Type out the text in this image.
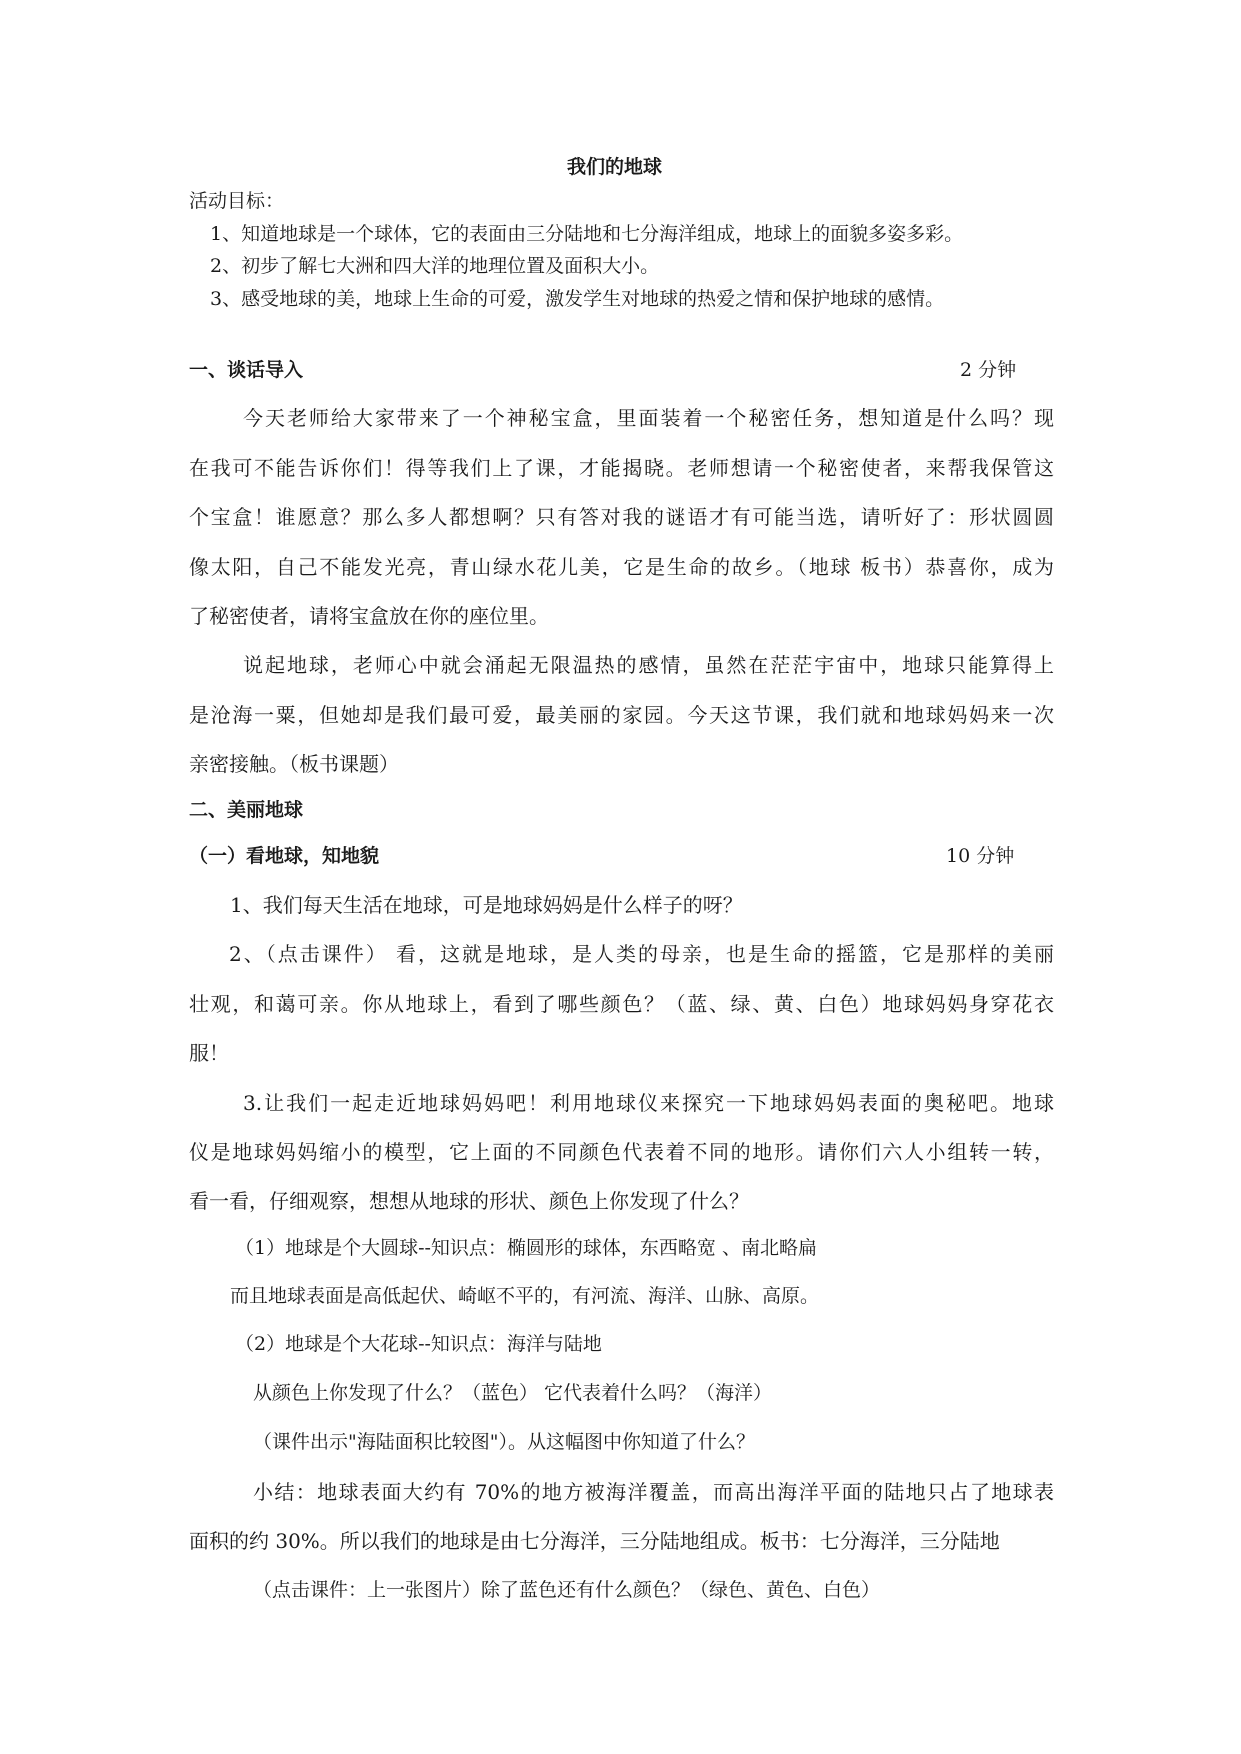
我们的地球
活动目标：
1、知道地球是一个球体，它的表面由三分陆地和七分海洋组成，地球上的面貌多姿多彩。
2、初步了解七大洲和四大洋的地理位置及面积大小。
3、感受地球的美，地球上生命的可爱，激发学生对地球的热爱之情和保护地球的感情。
一、谈话导入	2 分钟
今天老师给大家带来了一个神秘宝盒，里面装着一个秘密任务，想知道是什么吗？现
在我可不能告诉你们！得等我们上了课，才能揭晓。老师想请一个秘密使者，来帮我保管这
个宝盒！谁愿意？那么多人都想啊？只有答对我的谜语才有可能当选，请听好了：形状圆圆
像太阳，自己不能发光亮，青山绿水花儿美，它是生命的故乡。（地球 板书）恭喜你，成为
了秘密使者，请将宝盒放在你的座位里。
说起地球，老师心中就会涌起无限温热的感情，虽然在茫茫宇宙中，地球只能算得上
是沧海一粟，但她却是我们最可爱，最美丽的家园。今天这节课，我们就和地球妈妈来一次
亲密接触。（板书课题）
二、美丽地球
（一）看地球，知地貌	10 分钟
1、我们每天生活在地球，可是地球妈妈是什么样子的呀？
2、（点击课件） 看，这就是地球，是人类的母亲，也是生命的摇篮，它是那样的美丽
壮观，和蔼可亲。你从地球上，看到了哪些颜色？（蓝、绿、黄、白色）地球妈妈身穿花衣
服！
3.让我们一起走近地球妈妈吧！利用地球仪来探究一下地球妈妈表面的奥秘吧。地球
仪是地球妈妈缩小的模型，它上面的不同颜色代表着不同的地形。请你们六人小组转一转，
看一看，仔细观察，想想从地球的形状、颜色上你发现了什么？
（1）地球是个大圆球--知识点：椭圆形的球体，东西略宽 、南北略扁
而且地球表面是高低起伏、崎岖不平的，有河流、海洋、山脉、高原。
（2）地球是个大花球--知识点：海洋与陆地
从颜色上你发现了什么？（蓝色） 它代表着什么吗？（海洋）
（课件出示"海陆面积比较图"）。从这幅图中你知道了什么？
小结：地球表面大约有 70%的地方被海洋覆盖，而高出海洋平面的陆地只占了地球表
面积的约 30%。所以我们的地球是由七分海洋，三分陆地组成。板书：七分海洋，三分陆地
（点击课件：上一张图片）除了蓝色还有什么颜色？（绿色、黄色、白色）
